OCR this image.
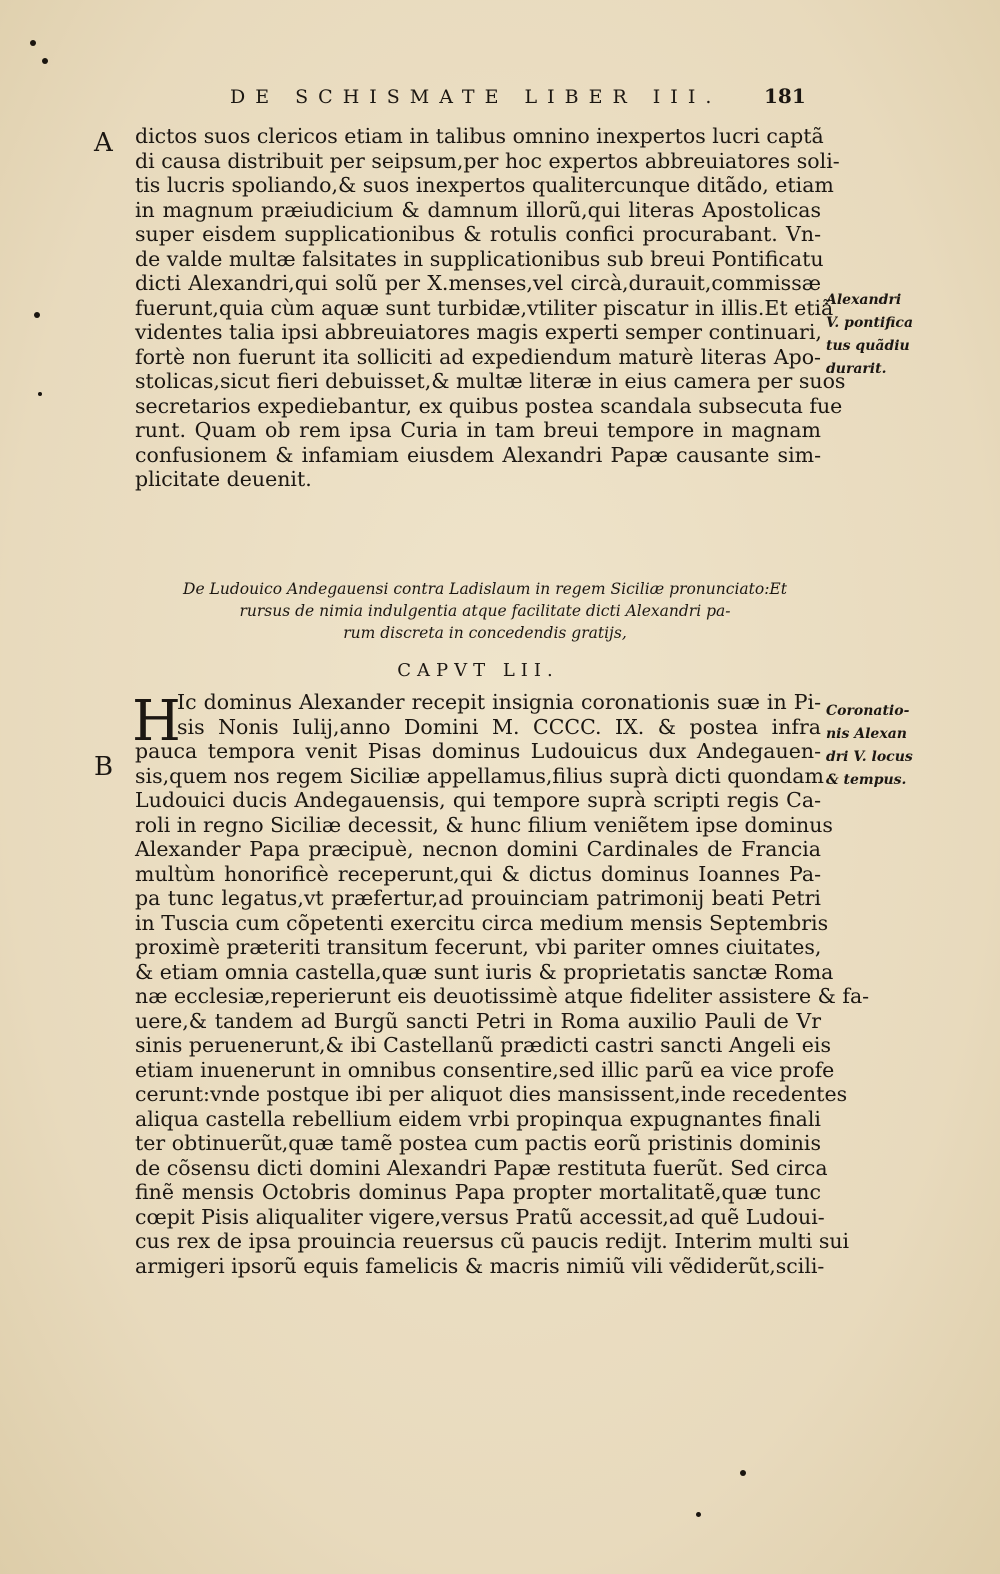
DE SCHISMATE LIBER III.	181
A dictos suos clericos etiam in talibus omnino inexpertos lucri captã
di causa distribuit per seipsum,per hoc expertos abbreuiatores soli-
tis lucris spoliando,& suos inexpertos qualitercunque ditãdo, etiam
in magnum præiudicium & damnum illorũ,qui literas Apostolicas
super eisdem supplicationibus & rotulis confici procurabant. Vn-
de valde multæ falsitates in supplicationibus sub breui Pontificatu
dicti Alexandri,qui solũ per X.menses,vel circà,durauit,commissæ
fuerunt,quia cùm aquæ sunt turbidæ,vtiliter piscatur in illis.Et etiã
videntes talia ipsi abbreuiatores magis experti semper continuari,
fortè non fuerunt ita solliciti ad expediendum maturè literas Apo-
stolicas,sicut fieri debuisset,& multæ literæ in eius camera per suos
secretarios expediebantur, ex quibus postea scandala subsecuta fue
runt. Quam ob rem ipsa Curia in tam breui tempore in magnam
confusionem & infamiam eiusdem Alexandri Papæ causante sim-
plicitate deuenit.
Alexandri
V. pontifica
tus quãdiu
durarit.
De Ludouico Andegauensi contra Ladislaum in regem Siciliæ pronunciato:Et
rursus de nimia indulgentia atque facilitate dicti Alexandri pa-
rum discreta in concedendis gratijs,
CAPVT LII.
H
B
Ic dominus Alexander recepit insignia coronationis suæ in Pi-
sis Nonis Iulij,anno Domini M. CCCC. IX. & postea infra
pauca tempora venit Pisas dominus Ludouicus dux Andegauen-
sis,quem nos regem Siciliæ appellamus,filius suprà dicti quondam
Ludouici ducis Andegauensis, qui tempore suprà scripti regis Ca-
roli in regno Siciliæ decessit, & hunc filium veniẽtem ipse dominus
Alexander Papa præcipuè, necnon domini Cardinales de Francia
multùm honorificè receperunt,qui & dictus dominus Ioannes Pa-
pa tunc legatus,vt præfertur,ad prouinciam patrimonij beati Petri
in Tuscia cum cõpetenti exercitu circa medium mensis Septembris
proximè præteriti transitum fecerunt, vbi pariter omnes ciuitates,
& etiam omnia castella,quæ sunt iuris & proprietatis sanctæ Roma
næ ecclesiæ,reperierunt eis deuotissimè atque fideliter assistere & fa-
uere,& tandem ad Burgũ sancti Petri in Roma auxilio Pauli de Vr
sinis peruenerunt,& ibi Castellanũ prædicti castri sancti Angeli eis
etiam inuenerunt in omnibus consentire,sed illic parũ ea vice profe
cerunt:vnde postque ibi per aliquot dies mansissent,inde recedentes
aliqua castella rebellium eidem vrbi propinqua expugnantes finali
ter obtinuerũt,quæ tamẽ postea cum pactis eorũ pristinis dominis
de cõsensu dicti domini Alexandri Papæ restituta fuerũt. Sed circa
finẽ mensis Octobris dominus Papa propter mortalitatẽ,quæ tunc
cœpit Pisis aliqualiter vigere,versus Pratũ accessit,ad quẽ Ludoui-
cus rex de ipsa prouincia reuersus cũ paucis redijt. Interim multi sui
armigeri ipsorũ equis famelicis & macris nimiũ vili vẽdiderũt,scili-
Coronatio-
nis Alexan
dri V. locus
& tempus.
